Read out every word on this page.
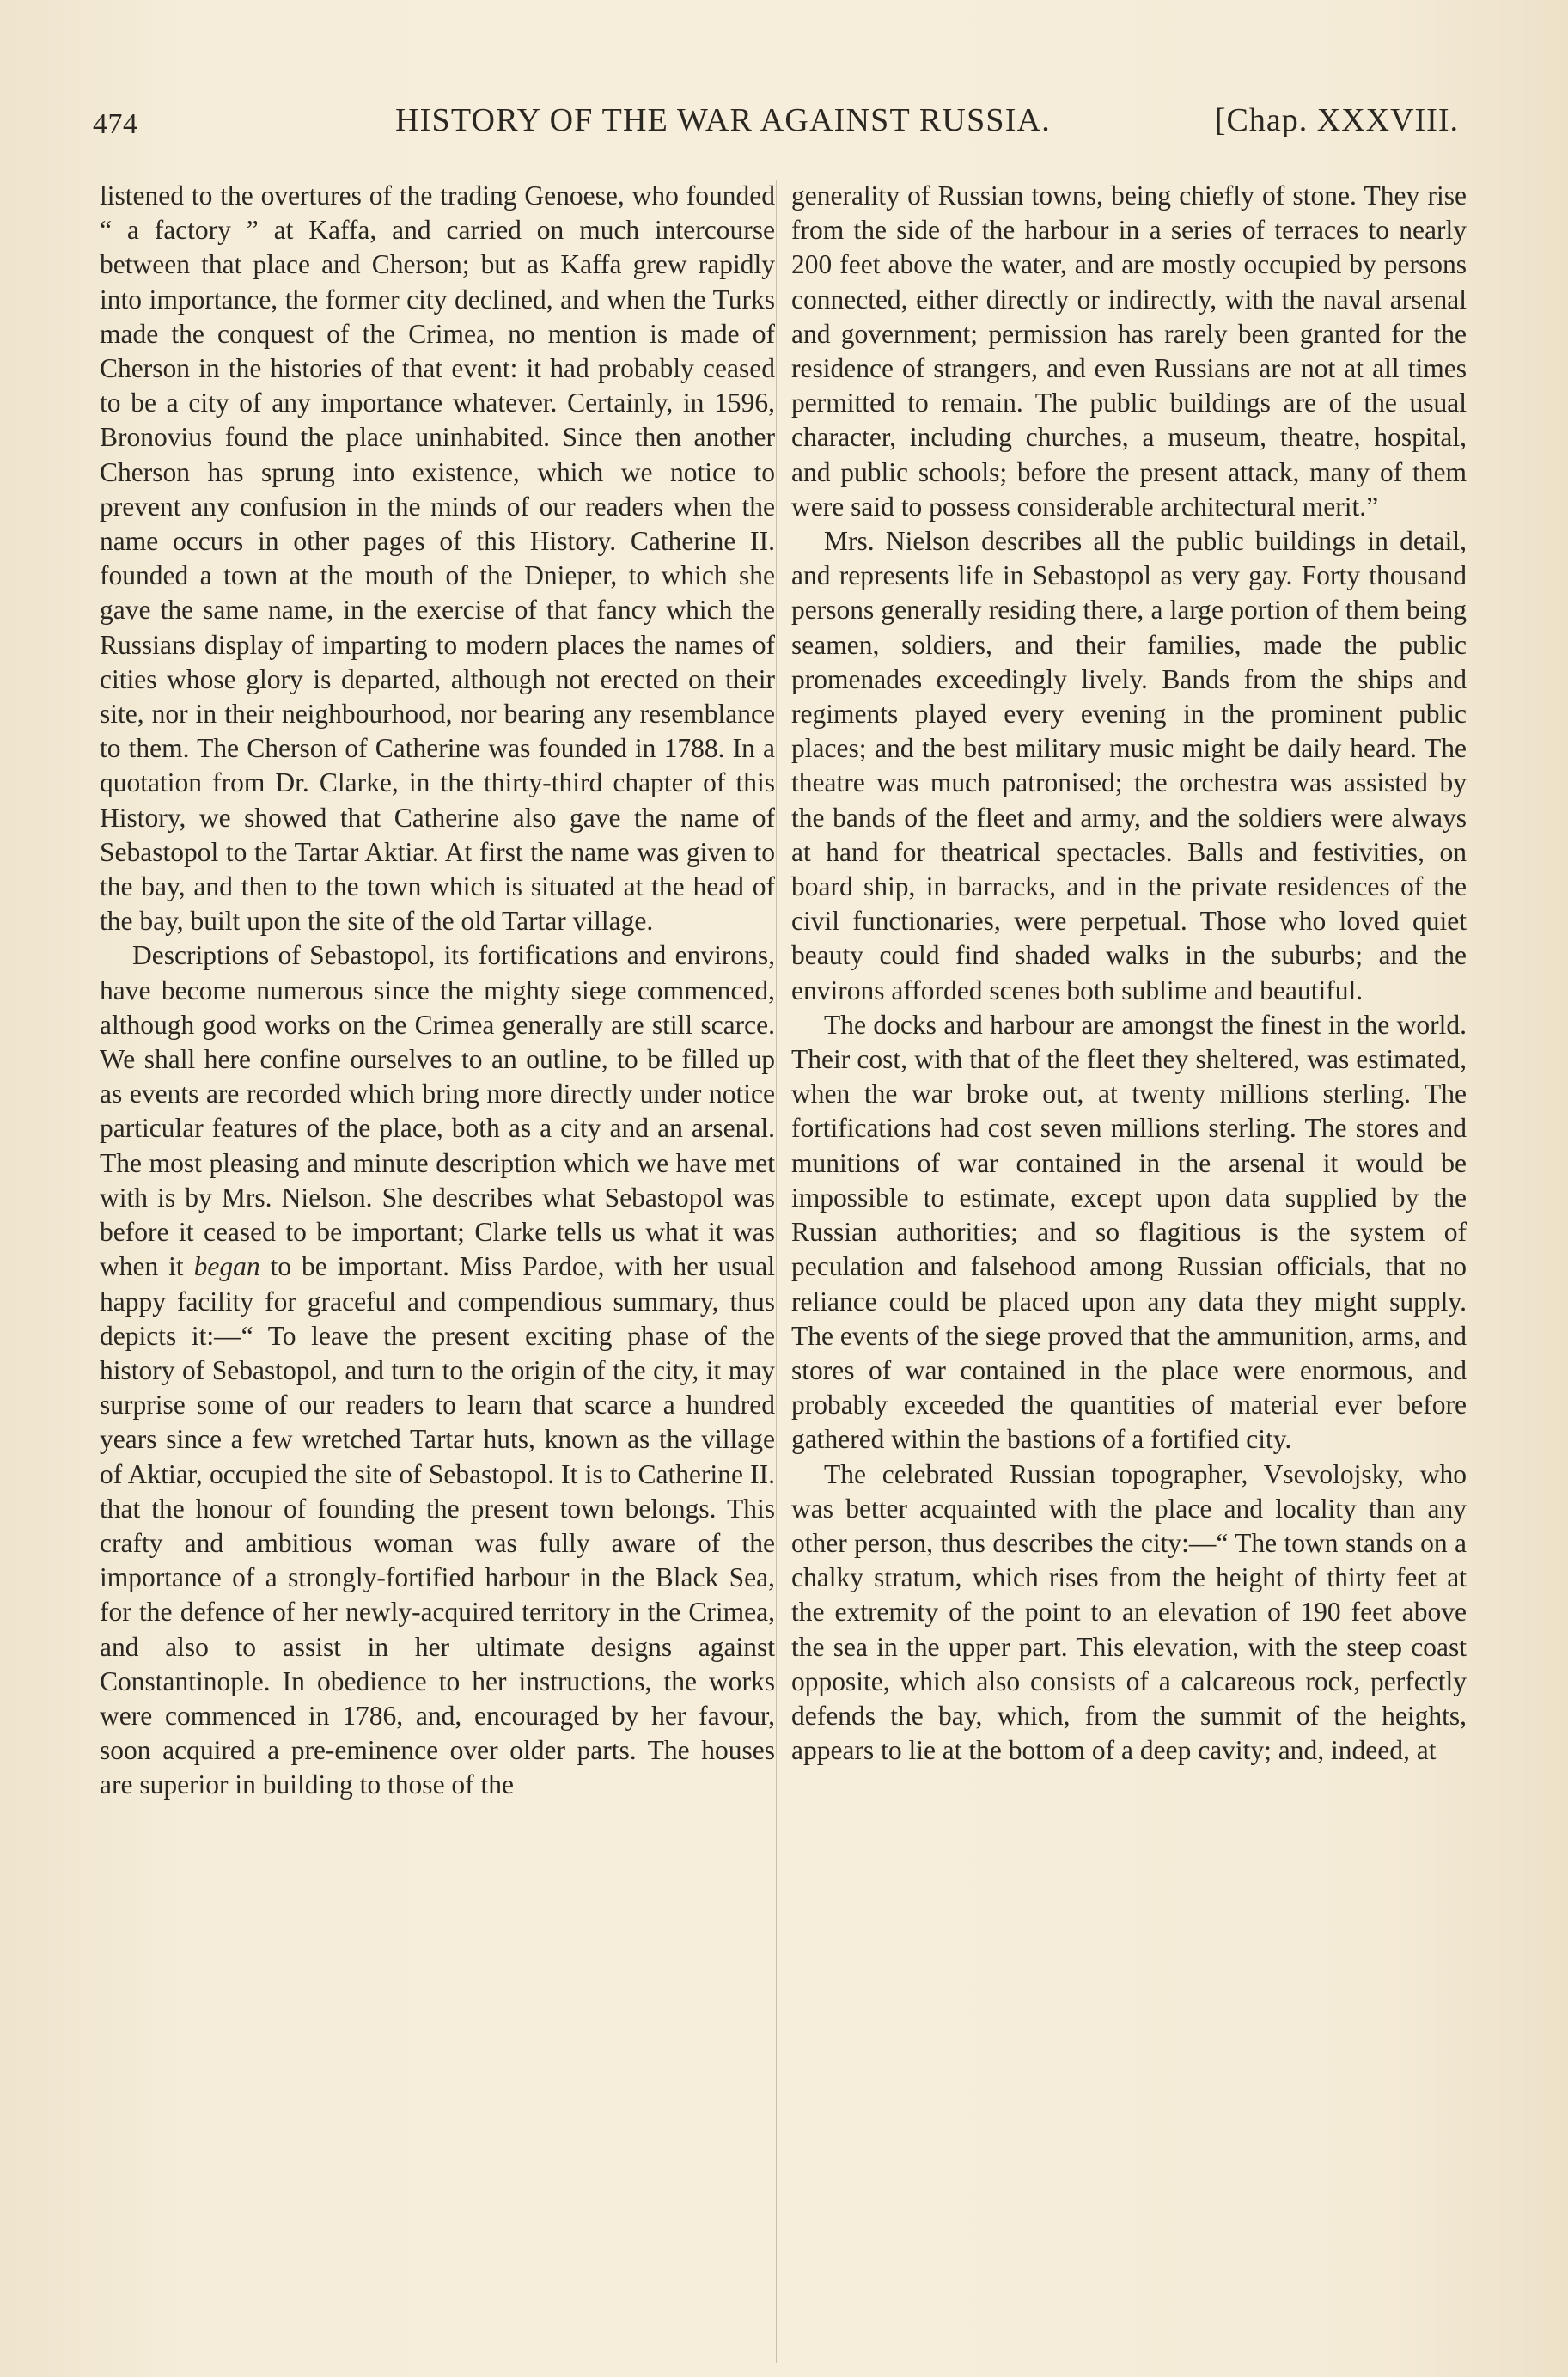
474	HISTORY OF THE WAR AGAINST RUSSIA.	[Chap. XXXVIII.

listened to the overtures of the trading Genoese, who founded “ a factory ” at Kaffa, and carried on much intercourse between that place and Cherson; but as Kaffa grew rapidly into importance, the former city declined, and when the Turks made the conquest of the Crimea, no mention is made of Cherson in the histories of that event: it had probably ceased to be a city of any importance whatever. Certainly, in 1596, Bronovius found the place uninhabited. Since then another Cherson has sprung into existence, which we notice to prevent any confusion in the minds of our readers when the name occurs in other pages of this History. Catherine II. founded a town at the mouth of the Dnieper, to which she gave the same name, in the exercise of that fancy which the Russians display of imparting to modern places the names of cities whose glory is departed, although not erected on their site, nor in their neighbourhood, nor bearing any resemblance to them. The Cherson of Catherine was founded in 1788. In a quotation from Dr. Clarke, in the thirty-third chapter of this History, we showed that Catherine also gave the name of Sebastopol to the Tartar Aktiar. At first the name was given to the bay, and then to the town which is situated at the head of the bay, built upon the site of the old Tartar village.

Descriptions of Sebastopol, its fortifications and environs, have become numerous since the mighty siege commenced, although good works on the Crimea generally are still scarce. We shall here confine ourselves to an outline, to be filled up as events are recorded which bring more directly under notice particular features of the place, both as a city and an arsenal. The most pleasing and minute description which we have met with is by Mrs. Nielson. She describes what Sebastopol was before it ceased to be important; Clarke tells us what it was when it began to be important. Miss Pardoe, with her usual happy facility for graceful and compendious summary, thus depicts it:—“ To leave the present exciting phase of the history of Sebastopol, and turn to the origin of the city, it may surprise some of our readers to learn that scarce a hundred years since a few wretched Tartar huts, known as the village of Aktiar, occupied the site of Sebastopol. It is to Catherine II. that the honour of founding the present town belongs. This crafty and ambitious woman was fully aware of the importance of a strongly-fortified harbour in the Black Sea, for the defence of her newly-acquired territory in the Crimea, and also to assist in her ultimate designs against Constantinople. In obedience to her instructions, the works were commenced in 1786, and, encouraged by her favour, soon acquired a pre-eminence over older parts. The houses are superior in building to those of the

generality of Russian towns, being chiefly of stone. They rise from the side of the harbour in a series of terraces to nearly 200 feet above the water, and are mostly occupied by persons connected, either directly or indirectly, with the naval arsenal and government; permission has rarely been granted for the residence of strangers, and even Russians are not at all times permitted to remain. The public buildings are of the usual character, including churches, a museum, theatre, hospital, and public schools; before the present attack, many of them were said to possess considerable architectural merit.”

Mrs. Nielson describes all the public buildings in detail, and represents life in Sebastopol as very gay. Forty thousand persons generally residing there, a large portion of them being seamen, soldiers, and their families, made the public promenades exceedingly lively. Bands from the ships and regiments played every evening in the prominent public places; and the best military music might be daily heard. The theatre was much patronised; the orchestra was assisted by the bands of the fleet and army, and the soldiers were always at hand for theatrical spectacles. Balls and festivities, on board ship, in barracks, and in the private residences of the civil functionaries, were perpetual. Those who loved quiet beauty could find shaded walks in the suburbs; and the environs afforded scenes both sublime and beautiful.

The docks and harbour are amongst the finest in the world. Their cost, with that of the fleet they sheltered, was estimated, when the war broke out, at twenty millions sterling. The fortifications had cost seven millions sterling. The stores and munitions of war contained in the arsenal it would be impossible to estimate, except upon data supplied by the Russian authorities; and so flagitious is the system of peculation and falsehood among Russian officials, that no reliance could be placed upon any data they might supply. The events of the siege proved that the ammunition, arms, and stores of war contained in the place were enormous, and probably exceeded the quantities of material ever before gathered within the bastions of a fortified city.

The celebrated Russian topographer, Vsevolojsky, who was better acquainted with the place and locality than any other person, thus describes the city:—“ The town stands on a chalky stratum, which rises from the height of thirty feet at the extremity of the point to an elevation of 190 feet above the sea in the upper part. This elevation, with the steep coast opposite, which also consists of a calcareous rock, perfectly defends the bay, which, from the summit of the heights, appears to lie at the bottom of a deep cavity; and, indeed, at
